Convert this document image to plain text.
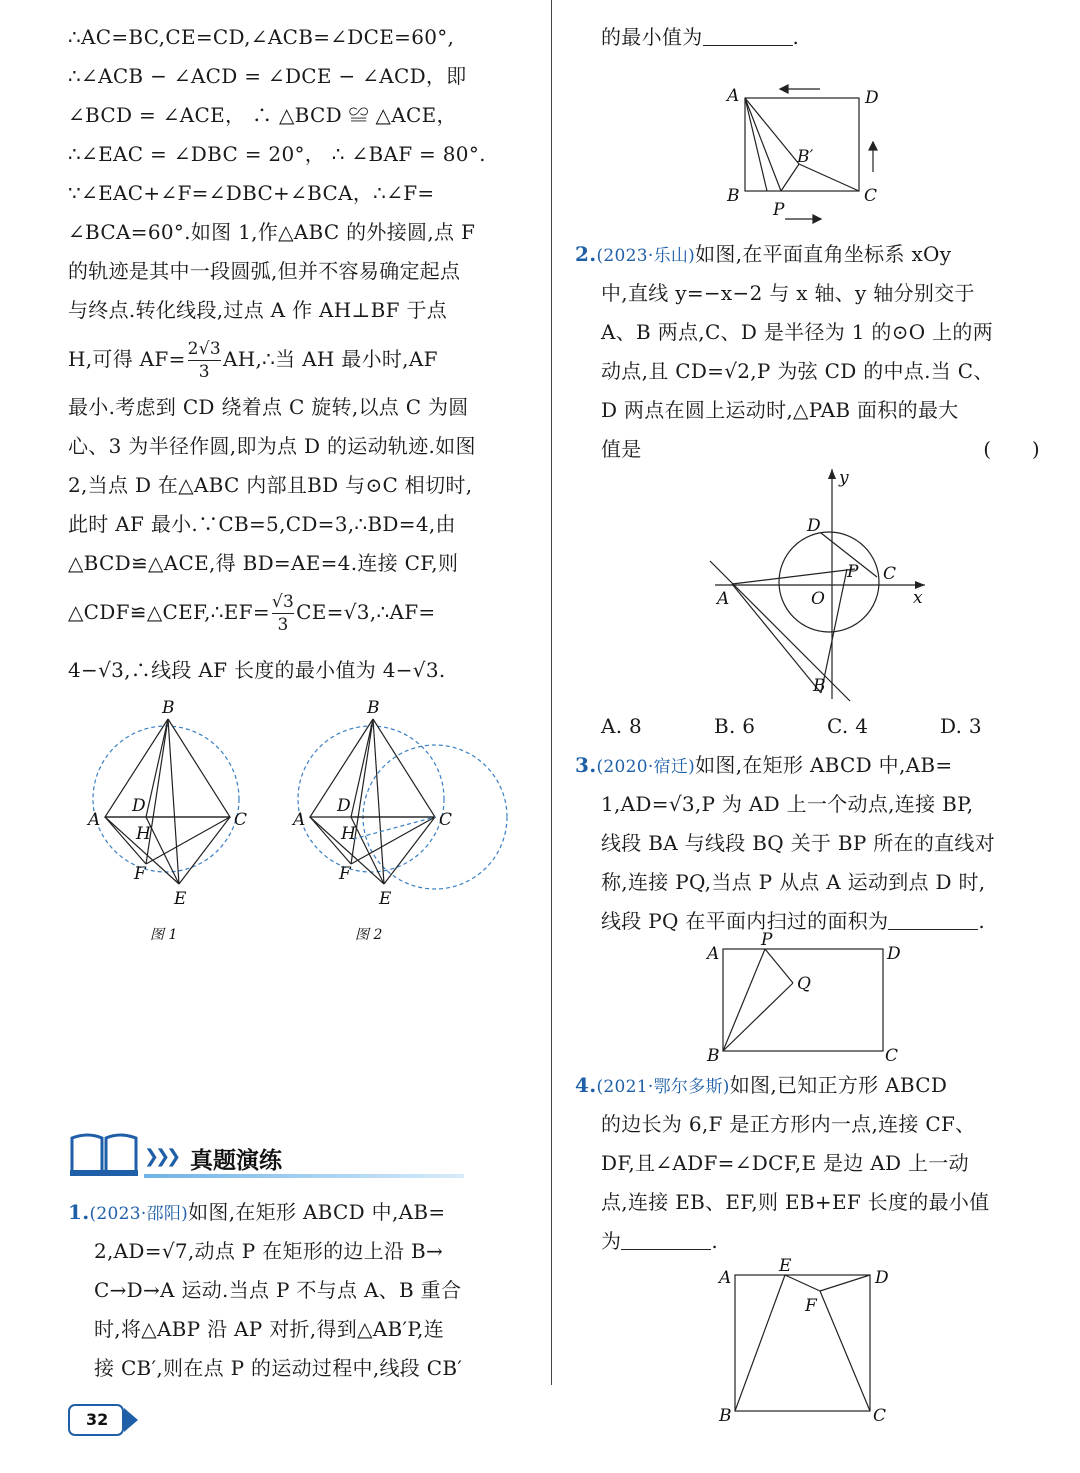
∴AC=BC,CE=CD,∠ACB=∠DCE=60°,
∴∠ACB − ∠ACD = ∠DCE − ∠ACD，即
∠BCD = ∠ACE， ∴ △BCD ≌ △ACE，
∴∠EAC = ∠DBC = 20°， ∴ ∠BAF = 80°.
∵∠EAC+∠F=∠DBC+∠BCA，∴∠F=
∠BCA=60°.如图 1,作△ABC 的外接圆,点 F
的轨迹是其中一段圆弧,但并不容易确定起点
与终点.转化线段,过点 A 作 AH⊥BF 于点
H,可得 $AF= \frac{2√3}{3}$ AH,∴当 AH 最小时,AF
最小.考虑到 CD 绕着点 C 旋转,以点 C 为圆
心、3 为半径作圆,即为点 D 的运动轨迹.如图
2,当点 D 在△ABC 内部且BD 与⊙C 相切时,
此时 AF 最小.∵CB=5,CD=3,∴BD=4,由
△BCD≌△ACE,得 BD=AE=4.连接 CF,则
△CDF≌△CEF,∴EF= $\frac{√3}{3}$ CE=√3,∴AF=
4−√3,∴线段 AF 长度的最小值为 4−√3.
B
A	C
D
H
F
E
图 1
B
A	C
D
H
F
E
图 2
❯❯❯ 真题演练
1.(2023·邵阳)如图,在矩形 ABCD 中,AB=
2,AD=√7,动点 P 在矩形的边上沿 B→
C→D→A 运动.当点 P 不与点 A、B 重合
时,将△ABP 沿 AP 对折,得到△AB′P,连
接 CB′,则在点 P 的运动过程中,线段 CB′
32
的最小值为	.
A	D
B	C
B′
P
2.(2023·乐山)如图,在平面直角坐标系 xOy
中,直线 y=−x−2 与 x 轴、y 轴分别交于
A、B 两点,C、D 是半径为 1 的⊙O 上的两
动点,且 CD=√2,P 为弦 CD 的中点.当 C、
D 两点在圆上运动时,△PAB 面积的最大
值是	(　　)
y
x
A
B
D
C
P
O
A. 8	B. 6	C. 4	D. 3
3.(2020·宿迁)如图,在矩形 ABCD 中,AB=
1,AD=√3,P 为 AD 上一个动点,连接 BP,
线段 BA 与线段 BQ 关于 BP 所在的直线对
称,连接 PQ,当点 P 从点 A 运动到点 D 时,
线段 PQ 在平面内扫过的面积为	.
A
P
D
Q
B	C
4.(2021·鄂尔多斯)如图,已知正方形 ABCD
的边长为 6,F 是正方形内一点,连接 CF、
DF,且∠ADF=∠DCF,E 是边 AD 上一动
点,连接 EB、EF,则 EB+EF 长度的最小值
为	.
A
E
D
F
B	C
